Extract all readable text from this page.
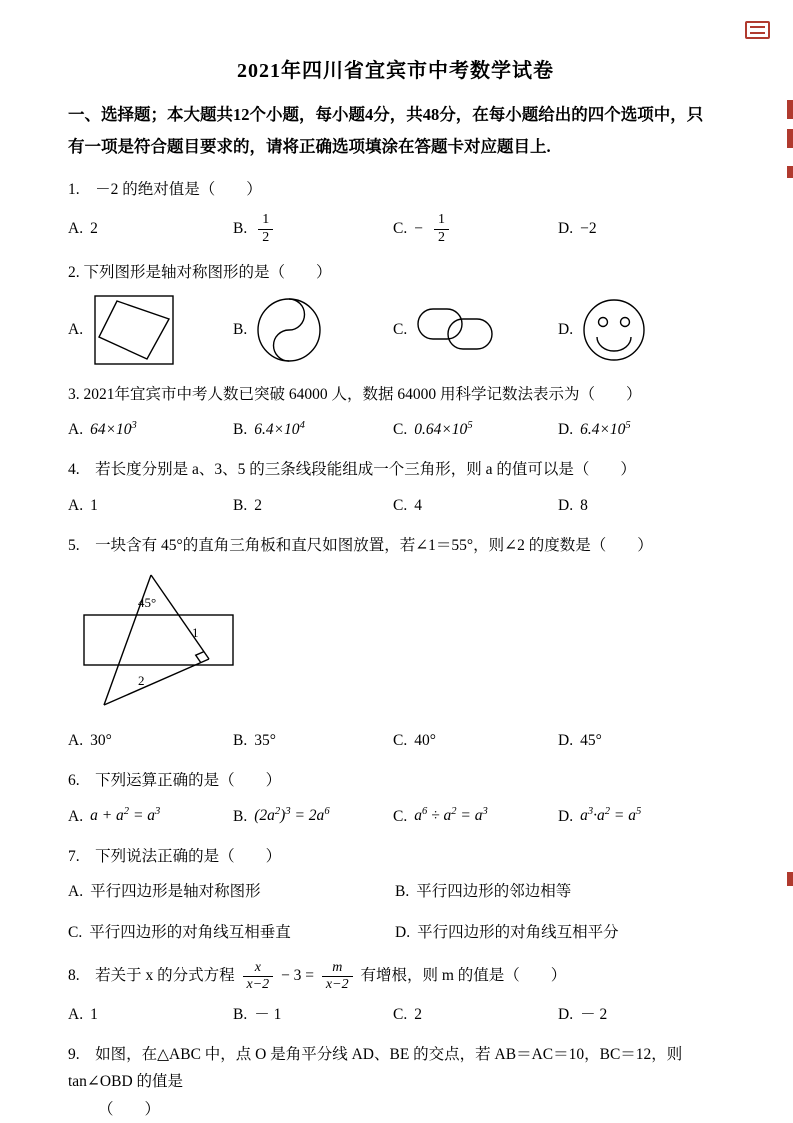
2021年四川省宜宾市中考数学试卷
一、选择题；本大题共12个小题，每小题4分，共48分，在每小题给出的四个选项中，只
有一项是符合题目要求的，请将正确选项填涂在答题卡对应题目上.

1.　－2 的绝对值是（　　）

A. 2	B. $\frac{1}{2}$	C. − $\frac{1}{2}$	D. −2

2. 下列图形是轴对称图形的是（　　）

A.	B.	C.	D.

3. 2021年宜宾市中考人数已突破 64000 人，数据 64000 用科学记数法表示为（　　）

A. $64\times 10^3$	B. $6.4\times 10^4$	C. $0.64\times 10^5$	D. $6.4\times 10^5$

4.　若长度分别是 a、3、5 的三条线段能组成一个三角形，则 a 的值可以是（　　）

A. 1	B. 2	C. 4	D. 8

5.　一块含有 45°的直角三角板和直尺如图放置，若∠1＝55°，则∠2 的度数是（　　）

45°
1
2
A. 30°	B. 35°	C. 40°	D. 45°

6.　下列运算正确的是（　　）

A. $a + a^2 = a^3$	B. $(2a^2)^3 = 2a^6$	C. $a^6 \div a^2 = a^3$	D. $a^3\cdot a^2 = a^5$

7.　下列说法正确的是（　　）

A. 平行四边形是轴对称图形	B. 平行四边形的邻边相等
C. 平行四边形的对角线互相垂直	D. 平行四边形的对角线互相平分

8.　若关于 x 的分式方程 $\frac{x}{x-2} - 3 = \frac{m}{x-2}$ 有增根，则 m 的值是（　　）

A. 1	B. － 1	C. 2	D. － 2

9.　如图，在△ABC 中，点 O 是角平分线 AD、BE 的交点，若 AB＝AC＝10，BC＝12，则 tan∠OBD 的值是

（　　）
